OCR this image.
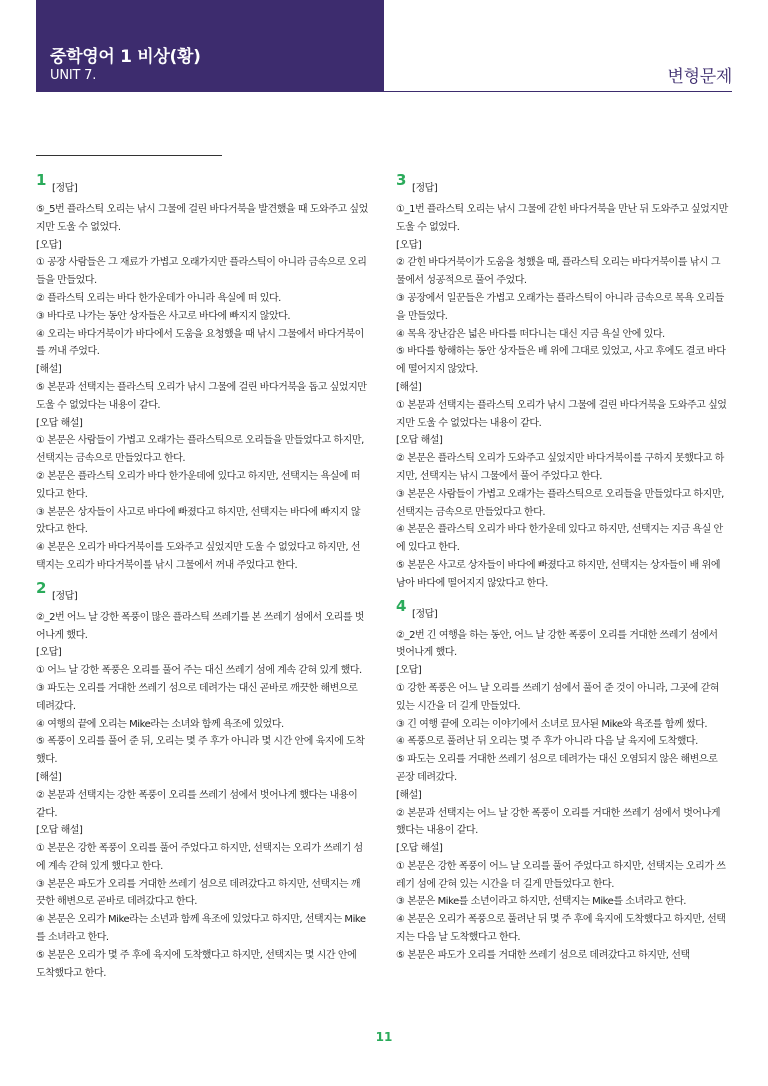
중학영어 1 비상(황)
UNIT 7.	변형문제
1 [정답]

⑤_5번 플라스틱 오리는 낚시 그물에 걸린 바다거북을 발견했을 때 도와주고 싶었지만 도울 수 없었다.

[오답]

① 공장 사람들은 그 재료가 가볍고 오래가지만 플라스틱이 아니라 금속으로 오리들을 만들었다.

② 플라스틱 오리는 바다 한가운데가 아니라 욕실에 떠 있다.

③ 바다로 나가는 동안 상자들은 사고로 바다에 빠지지 않았다.

④ 오리는 바다거북이가 바다에서 도움을 요청했을 때 낚시 그물에서 바다거북이를 꺼내 주었다.

[해설]

⑤ 본문과 선택지는 플라스틱 오리가 낚시 그물에 걸린 바다거북을 돕고 싶었지만 도울 수 없었다는 내용이 같다.

[오답 해설]

① 본문은 사람들이 가볍고 오래가는 플라스틱으로 오리들을 만들었다고 하지만, 선택지는 금속으로 만들었다고 한다.

② 본문은 플라스틱 오리가 바다 한가운데에 있다고 하지만, 선택지는 욕실에 떠 있다고 한다.

③ 본문은 상자들이 사고로 바다에 빠졌다고 하지만, 선택지는 바다에 빠지지 않았다고 한다.

④ 본문은 오리가 바다거북이를 도와주고 싶었지만 도울 수 없었다고 하지만, 선택지는 오리가 바다거북이를 낚시 그물에서 꺼내 주었다고 한다.

2 [정답]

②_2번 어느 날 강한 폭풍이 많은 플라스틱 쓰레기를 본 쓰레기 섬에서 오리를 벗어나게 했다.

[오답]

① 어느 날 강한 폭풍은 오리를 풀어 주는 대신 쓰레기 섬에 계속 갇혀 있게 했다.

③ 파도는 오리를 거대한 쓰레기 섬으로 데려가는 대신 곧바로 깨끗한 해변으로 데려갔다.

④ 여행의 끝에 오리는 Mike라는 소녀와 함께 욕조에 있었다.

⑤ 폭풍이 오리를 풀어 준 뒤, 오리는 몇 주 후가 아니라 몇 시간 안에 육지에 도착했다.

[해설]

② 본문과 선택지는 강한 폭풍이 오리를 쓰레기 섬에서 벗어나게 했다는 내용이 같다.

[오답 해설]

① 본문은 강한 폭풍이 오리를 풀어 주었다고 하지만, 선택지는 오리가 쓰레기 섬에 계속 갇혀 있게 했다고 한다.

③ 본문은 파도가 오리를 거대한 쓰레기 섬으로 데려갔다고 하지만, 선택지는 깨끗한 해변으로 곧바로 데려갔다고 한다.

④ 본문은 오리가 Mike라는 소년과 함께 욕조에 있었다고 하지만, 선택지는 Mike를 소녀라고 한다.

⑤ 본문은 오리가 몇 주 후에 육지에 도착했다고 하지만, 선택지는 몇 시간 안에 도착했다고 한다.

3 [정답]

①_1번 플라스틱 오리는 낚시 그물에 갇힌 바다거북을 만난 뒤 도와주고 싶었지만 도울 수 없었다.

[오답]

② 갇힌 바다거북이가 도움을 청했을 때, 플라스틱 오리는 바다거북이를 낚시 그물에서 성공적으로 풀어 주었다.

③ 공장에서 일꾼들은 가볍고 오래가는 플라스틱이 아니라 금속으로 목욕 오리들을 만들었다.

④ 목욕 장난감은 넓은 바다를 떠다니는 대신 지금 욕실 안에 있다.

⑤ 바다를 항해하는 동안 상자들은 배 위에 그대로 있었고, 사고 후에도 결코 바다에 떨어지지 않았다.

[해설]

① 본문과 선택지는 플라스틱 오리가 낚시 그물에 걸린 바다거북을 도와주고 싶었지만 도울 수 없었다는 내용이 같다.

[오답 해설]

② 본문은 플라스틱 오리가 도와주고 싶었지만 바다거북이를 구하지 못했다고 하지만, 선택지는 낚시 그물에서 풀어 주었다고 한다.

③ 본문은 사람들이 가볍고 오래가는 플라스틱으로 오리들을 만들었다고 하지만, 선택지는 금속으로 만들었다고 한다.

④ 본문은 플라스틱 오리가 바다 한가운데 있다고 하지만, 선택지는 지금 욕실 안에 있다고 한다.

⑤ 본문은 사고로 상자들이 바다에 빠졌다고 하지만, 선택지는 상자들이 배 위에 남아 바다에 떨어지지 않았다고 한다.

4 [정답]

②_2번 긴 여행을 하는 동안, 어느 날 강한 폭풍이 오리를 거대한 쓰레기 섬에서 벗어나게 했다.

[오답]

① 강한 폭풍은 어느 날 오리를 쓰레기 섬에서 풀어 준 것이 아니라, 그곳에 갇혀 있는 시간을 더 길게 만들었다.

③ 긴 여행 끝에 오리는 이야기에서 소녀로 묘사된 Mike와 욕조를 함께 썼다.

④ 폭풍으로 풀려난 뒤 오리는 몇 주 후가 아니라 다음 날 육지에 도착했다.

⑤ 파도는 오리를 거대한 쓰레기 섬으로 데려가는 대신 오염되지 않은 해변으로 곧장 데려갔다.

[해설]

② 본문과 선택지는 어느 날 강한 폭풍이 오리를 거대한 쓰레기 섬에서 벗어나게 했다는 내용이 같다.

[오답 해설]

① 본문은 강한 폭풍이 어느 날 오리를 풀어 주었다고 하지만, 선택지는 오리가 쓰레기 섬에 갇혀 있는 시간을 더 길게 만들었다고 한다.

③ 본문은 Mike를 소년이라고 하지만, 선택지는 Mike를 소녀라고 한다.

④ 본문은 오리가 폭풍으로 풀려난 뒤 몇 주 후에 육지에 도착했다고 하지만, 선택지는 다음 날 도착했다고 한다.

⑤ 본문은 파도가 오리를 거대한 쓰레기 섬으로 데려갔다고 하지만, 선택

11
